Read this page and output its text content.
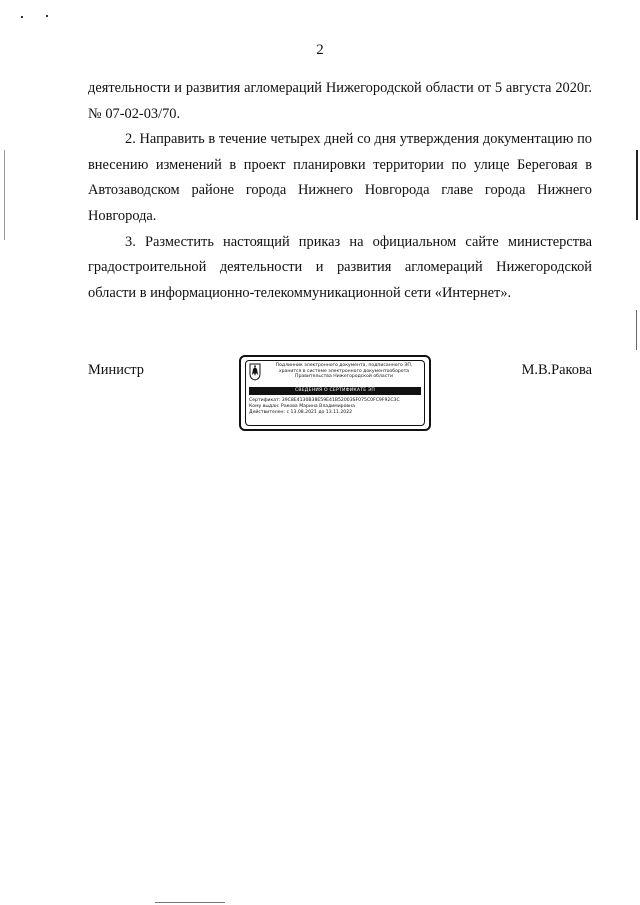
2

деятельности и развития агломераций Нижегородской области от 5 августа 2020г.
№ 07-02-03/70.

2. Направить в течение четырех дней со дня утверждения документацию по
внесению изменений в проект планировки территории по улице Береговая в
Автозаводском районе города Нижнего Новгорода главе города Нижнего
Новгорода.

3. Разместить настоящий приказ на официальном сайте министерства
градостроительной деятельности и развития агломераций Нижегородской
области в информационно-телекоммуникационной сети «Интернет».

Министр	М.В.Ракова
Подлинник электронного документа, подписанного ЭП,
хранится в системе электронного документооборота
Правительства Нижегородской области
СВЕДЕНИЯ О СЕРТИФИКАТЕ ЭП
Сертификат: 39C8E4130B38E59E41B52003SF075C0FC9F92C3C
Кому выдан: Ракова Марина Владимировна
Действителен: с 13.08.2021 до 13.11.2022
